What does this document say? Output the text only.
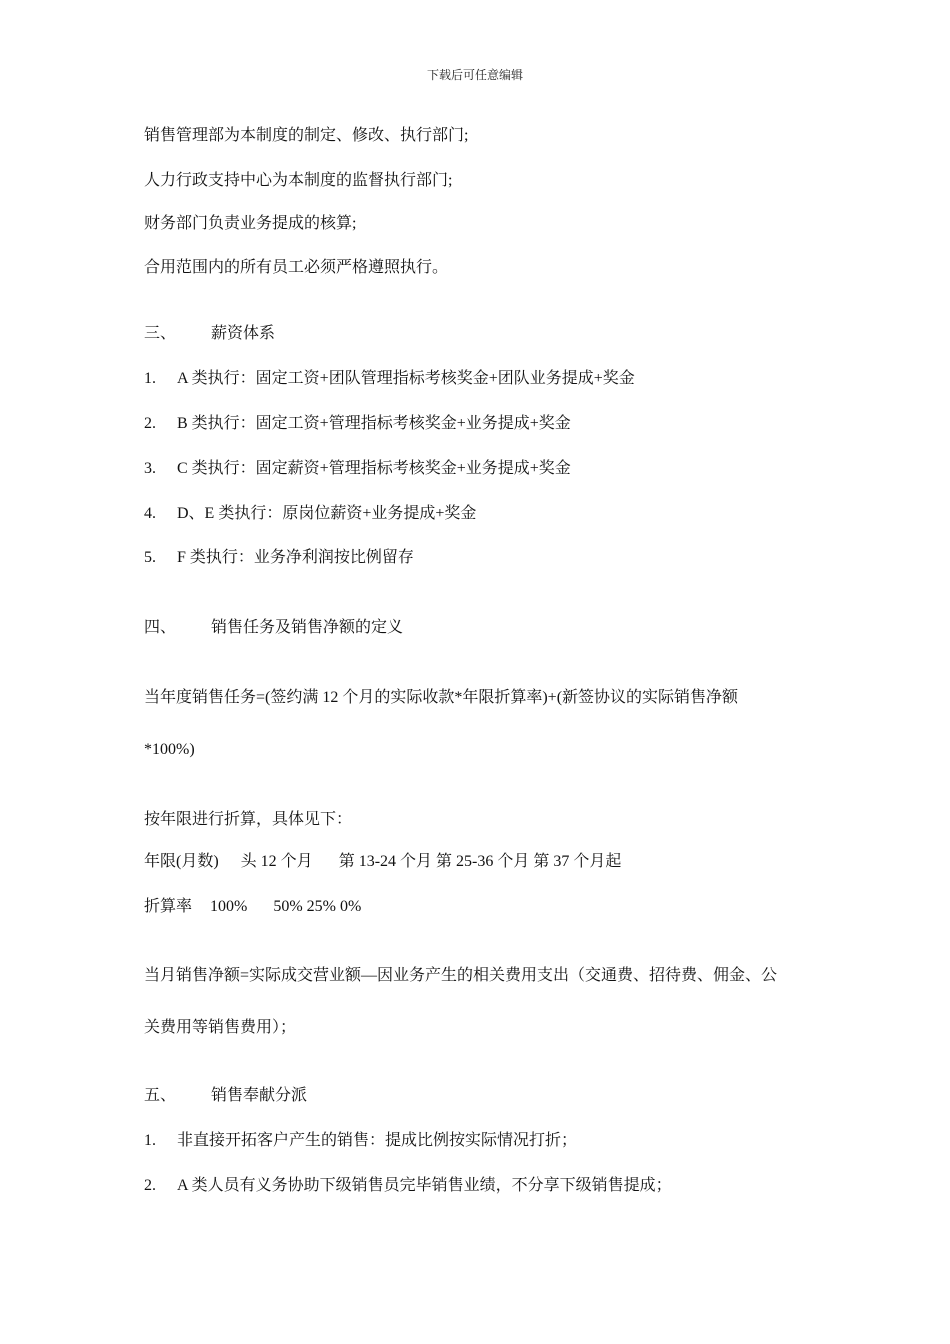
下载后可任意编辑
销售管理部为本制度的制定、修改、执行部门;
人力行政支持中心为本制度的监督执行部门;
财务部门负责业务提成的核算;
合用范围内的所有员工必须严格遵照执行。
三、 薪资体系
1. A 类执行：固定工资+团队管理指标考核奖金+团队业务提成+奖金
2. B 类执行：固定工资+管理指标考核奖金+业务提成+奖金
3. C 类执行：固定薪资+管理指标考核奖金+业务提成+奖金
4. D、E 类执行：原岗位薪资+业务提成+奖金
5. F 类执行：业务净利润按比例留存
四、 销售任务及销售净额的定义
当年度销售任务=(签约满 12 个月的实际收款*年限折算率)+(新签协议的实际销售净额
*100%)
按年限进行折算，具体见下：
年限(月数) 头 12 个月 第 13-24 个月 第 25-36 个月 第 37 个月起
折算率 100% 50% 25% 0%
当月销售净额=实际成交营业额—因业务产生的相关费用支出（交通费、招待费、佣金、公
关费用等销售费用）；
五、 销售奉献分派
1. 非直接开拓客户产生的销售：提成比例按实际情况打折；
2. A 类人员有义务协助下级销售员完毕销售业绩，不分享下级销售提成；
